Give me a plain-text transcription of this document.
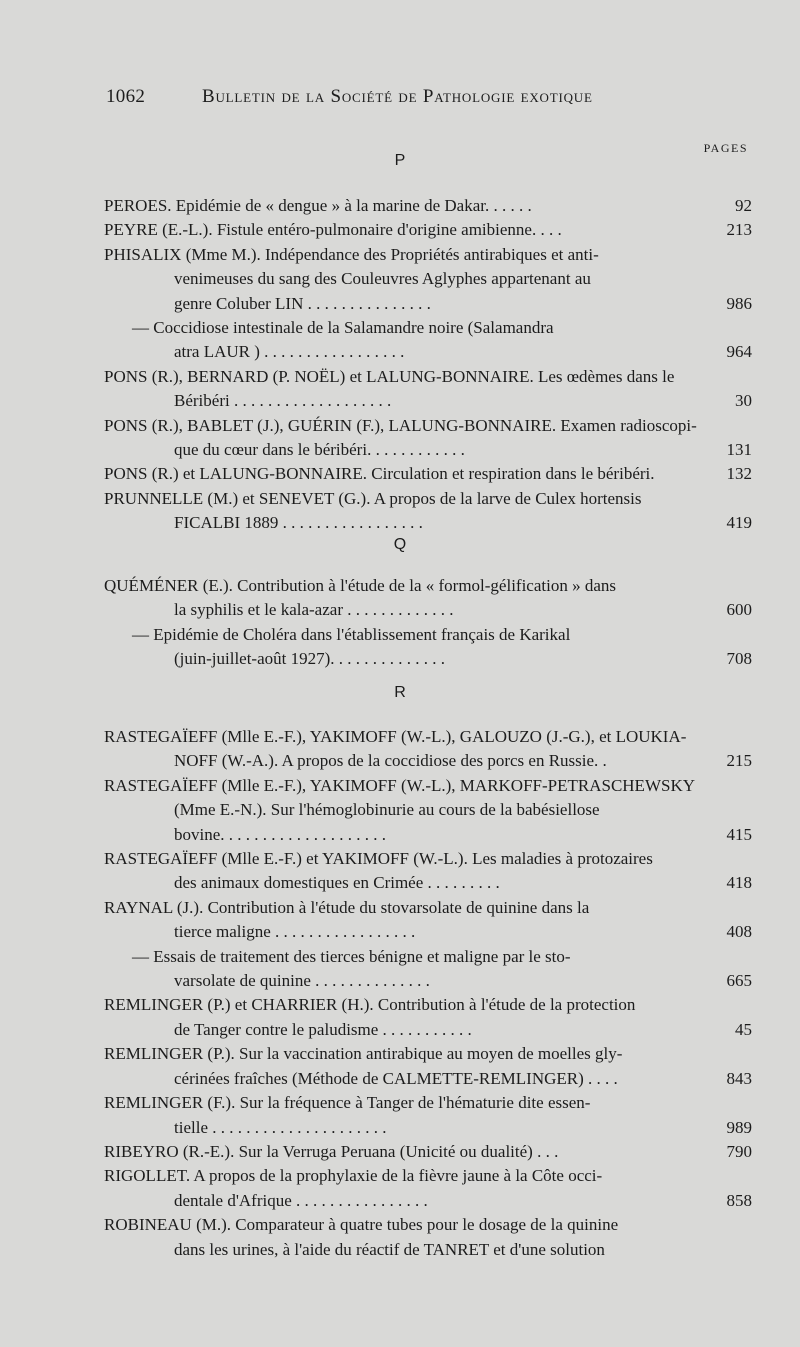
1062	Bulletin de la Société de Pathologie exotique
PAGES
P
PEROES. Epidémie de « dengue » à la marine de Dakar. . . . . .	92
PEYRE (E.-L.). Fistule entéro-pulmonaire d'origine amibienne. . . .	213
PHISALIX (Mme M.). Indépendance des Propriétés antirabiques et anti-
venimeuses du sang des Couleuvres Aglyphes appartenant au
genre Coluber LIN . . . . . . . . . . . . . . .	986
— Coccidiose intestinale de la Salamandre noire (Salamandra
atra LAUR ) . . . . . . . . . . . . . . . . .	964
PONS (R.), BERNARD (P. NOËL) et LALUNG-BONNAIRE. Les œdèmes dans le
Béribéri . . . . . . . . . . . . . . . . . . .	30
PONS (R.), BABLET (J.), GUÉRIN (F.), LALUNG-BONNAIRE. Examen radioscopi-
que du cœur dans le béribéri. . . . . . . . . . . .	131
PONS (R.) et LALUNG-BONNAIRE. Circulation et respiration dans le béribéri.	132
PRUNNELLE (M.) et SENEVET (G.). A propos de la larve de Culex hortensis
FICALBI 1889 . . . . . . . . . . . . . . . . .	419
Q
QUÉMÉNER (E.). Contribution à l'étude de la « formol-gélification » dans
la syphilis et le kala-azar . . . . . . . . . . . . .	600
— Epidémie de Choléra dans l'établissement français de Karikal
(juin-juillet-août 1927). . . . . . . . . . . . . .	708
R
RASTEGAÏEFF (Mlle E.-F.), YAKIMOFF (W.-L.), GALOUZO (J.-G.), et LOUKIA-
NOFF (W.-A.). A propos de la coccidiose des porcs en Russie. .	215
RASTEGAÏEFF (Mlle E.-F.), YAKIMOFF (W.-L.), MARKOFF-PETRASCHEWSKY
(Mme E.-N.). Sur l'hémoglobinurie au cours de la babésiellose
bovine. . . . . . . . . . . . . . . . . . . .	415
RASTEGAÏEFF (Mlle E.-F.) et YAKIMOFF (W.-L.). Les maladies à protozaires
des animaux domestiques en Crimée . . . . . . . . .	418
RAYNAL (J.). Contribution à l'étude du stovarsolate de quinine dans la
tierce maligne . . . . . . . . . . . . . . . . .	408
— Essais de traitement des tierces bénigne et maligne par le sto-
varsolate de quinine . . . . . . . . . . . . . .	665
REMLINGER (P.) et CHARRIER (H.). Contribution à l'étude de la protection
de Tanger contre le paludisme . . . . . . . . . . .	45
REMLINGER (P.). Sur la vaccination antirabique au moyen de moelles gly-
cérinées fraîches (Méthode de CALMETTE-REMLINGER) . . . .	843
REMLINGER (F.). Sur la fréquence à Tanger de l'hématurie dite essen-
tielle . . . . . . . . . . . . . . . . . . . . .	989
RIBEYRO (R.-E.). Sur la Verruga Peruana (Unicité ou dualité) . . .	790
RIGOLLET. A propos de la prophylaxie de la fièvre jaune à la Côte occi-
dentale d'Afrique . . . . . . . . . . . . . . . .	858
ROBINEAU (M.). Comparateur à quatre tubes pour le dosage de la quinine
dans les urines, à l'aide du réactif de TANRET et d'une solution
